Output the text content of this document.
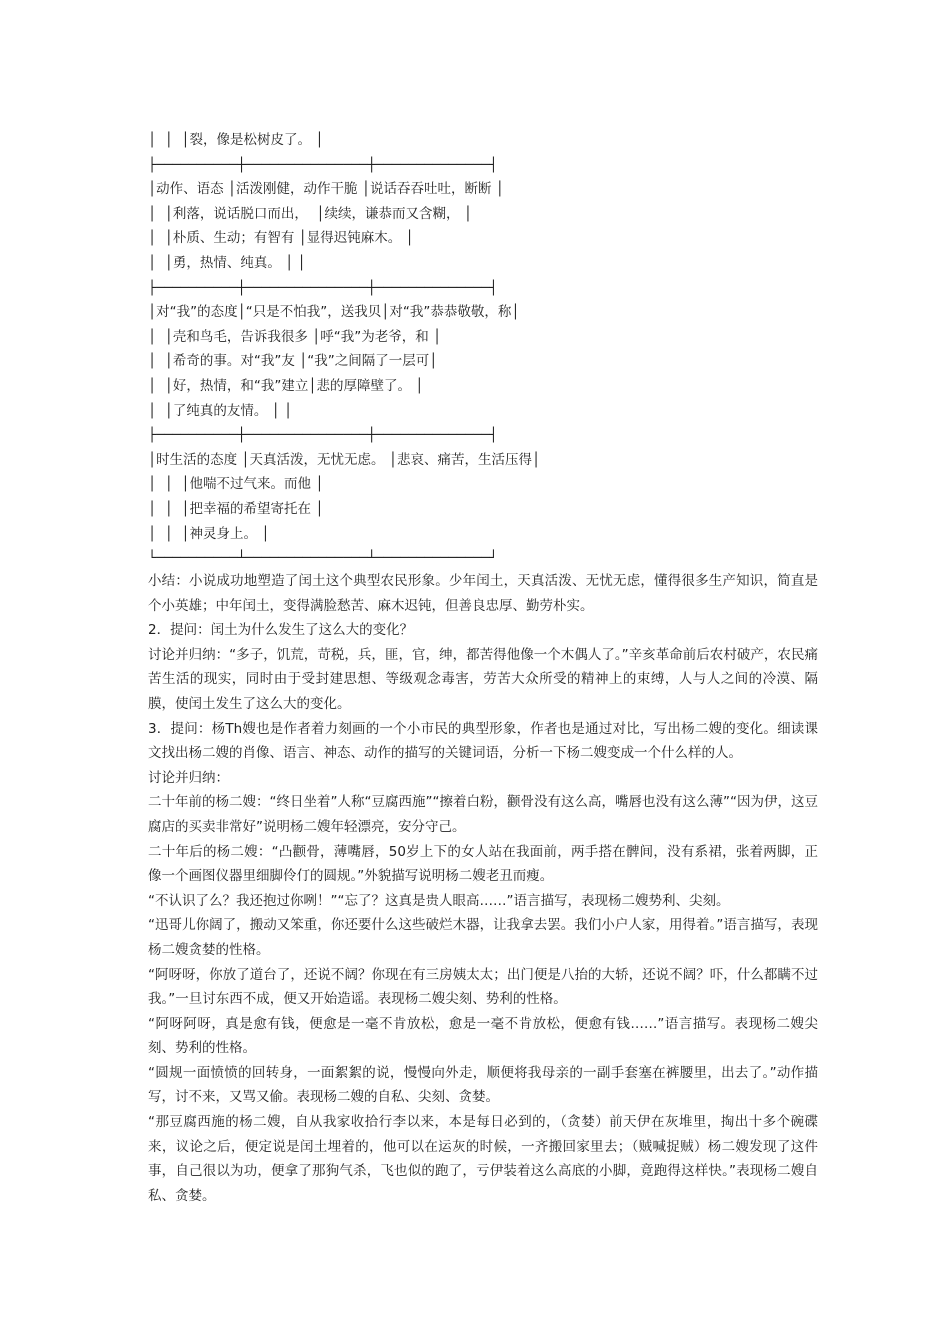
│  │  │裂，像是松树皮了。 │
├──────────┼───────────────┼──────────────┤
│动作、语态 │活泼刚健，动作干脆 │说话吞吞吐吐，断断 │
│  │利落，说话脱口而出，  │续续，谦恭而又含糊， │
│  │朴质、生动；有智有 │显得迟钝麻木。 │
│  │勇，热情、纯真。 │ │
├──────────┼───────────────┼──────────────┤
│对“我”的态度│“只是不怕我”，送我贝│对“我”恭恭敬敬，称│
│  │壳和鸟毛，告诉我很多 │呼“我”为老爷，和 │
│  │希奇的事。对“我”友 │“我”之间隔了一层可│
│  │好，热情，和“我”建立│悲的厚障壁了。 │
│  │了纯真的友情。 │ │
├──────────┼───────────────┼──────────────┤
│时生活的态度 │天真活泼，无忧无虑。 │悲哀、痛苦，生活压得│
│  │  │他喘不过气来。而他 │
│  │  │把幸福的希望寄托在 │
│  │  │神灵身上。 │
└──────────┴───────────────┴──────────────┘

小结：小说成功地塑造了闰土这个典型农民形象。少年闰土，天真活泼、无忧无虑，懂得很多生产知识，简直是个小英雄；中年闰土，变得满脸愁苦、麻木迟钝，但善良忠厚、勤劳朴实。

2．提问：闰土为什么发生了这么大的变化？

讨论并归纳：“多子，饥荒，苛税，兵，匪，官，绅，都苦得他像一个木偶人了。”辛亥革命前后农村破产，农民痛苦生活的现实，同时由于受封建思想、等级观念毒害，劳苦大众所受的精神上的束缚，人与人之间的冷漠、隔膜，使闰土发生了这么大的变化。

3．提问：杨Th嫂也是作者着力刻画的一个小市民的典型形象，作者也是通过对比，写出杨二嫂的变化。细读课文找出杨二嫂的肖像、语言、神态、动作的描写的关键词语，分析一下杨二嫂变成一个什么样的人。

讨论并归纳：

二十年前的杨二嫂：“终日坐着”人称“豆腐西施”“擦着白粉，颧骨没有这么高，嘴唇也没有这么薄”“因为伊，这豆腐店的买卖非常好”说明杨二嫂年轻漂亮，安分守己。

二十年后的杨二嫂：“凸颧骨，薄嘴唇，50岁上下的女人站在我面前，两手搭在髀间，没有系裙，张着两脚，正像一个画图仪器里细脚伶仃的圆规。”外貌描写说明杨二嫂老丑而瘦。

“不认识了么？我还抱过你咧！”“忘了？这真是贵人眼高……”语言描写，表现杨二嫂势利、尖刻。

“迅哥儿你阔了，搬动又笨重，你还要什么这些破烂木器，让我拿去罢。我们小户人家，用得着。”语言描写，表现杨二嫂贪婪的性格。

“阿呀呀，你放了道台了，还说不阔？你现在有三房姨太太；出门便是八抬的大轿，还说不阔？吓，什么都瞒不过我。”一旦讨东西不成，便又开始造谣。表现杨二嫂尖刻、势利的性格。

“阿呀阿呀，真是愈有钱，便愈是一毫不肯放松，愈是一毫不肯放松，便愈有钱……”语言描写。表现杨二嫂尖刻、势利的性格。

“圆规一面愤愤的回转身，一面絮絮的说，慢慢向外走，顺便将我母亲的一副手套塞在裤腰里，出去了。”动作描写，讨不来，又骂又偷。表现杨二嫂的自私、尖刻、贪婪。

“那豆腐西施的杨二嫂，自从我家收拾行李以来，本是每日必到的，（贪婪）前天伊在灰堆里，掏出十多个碗碟来，议论之后，便定说是闰土埋着的，他可以在运灰的时候，一齐搬回家里去；（贼喊捉贼）杨二嫂发现了这件事，自己很以为功，便拿了那狗气杀，飞也似的跑了，亏伊装着这么高底的小脚，竟跑得这样快。”表现杨二嫂自私、贪婪。
